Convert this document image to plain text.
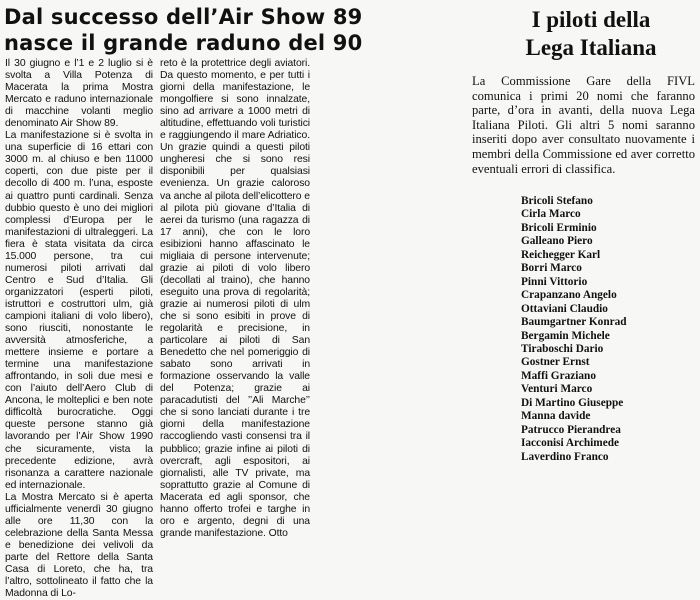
Dal successo dell’Air Show 89
nasce il grande raduno del 90
I piloti della
Lega Italiana

Il 30 giugno e l’1 e 2 luglio si è svolta a Villa Potenza di Macerata la prima Mostra Mercato e raduno internazionale di macchine volanti meglio denominato Air Show 89.

La manifestazione si è svolta in una superficie di 16 ettari con 3000 m. al chiuso e ben 11000 coperti, con due piste per il decollo di 400 m. l’una, esposte ai quattro punti cardinali. Senza dubbio questo è uno dei migliori complessi d’Europa per le manifestazioni di ultraleggeri. La fiera è stata visitata da circa 15.000 persone, tra cui numerosi piloti arrivati dal Centro e Sud d’Italia. Gli organizzatori (esperti piloti, istruttori e costruttori ulm, già campioni italiani di volo libero), sono riusciti, nonostante le avversità atmosferiche, a mettere insieme e portare a termine una manifestazione affrontando, in soli due mesi e con l’aiuto dell’Aero Club di Ancona, le molteplici e ben note difficoltà burocratiche. Oggi queste persone stanno già lavorando per l’Air Show 1990 che sicuramente, vista la precedente edizione, avrà risonanza a carattere nazionale ed internazionale.

La Mostra Mercato si è aperta ufficialmente venerdì 30 giugno alle ore 11,30 con la celebrazione della Santa Messa e benedizione dei velivoli da parte del Rettore della Santa Casa di Loreto, che ha, tra l’altro, sottolineato il fatto che la Madonna di Lo-

reto è la protettrice degli aviatori. Da questo momento, e per tutti i giorni della manifestazione, le mongolfiere si sono innalzate, sino ad arrivare a 1000 metri di altitudine, effettuando voli turistici e raggiungendo il mare Adriatico. Un grazie quindi a questi piloti ungheresi che si sono resi disponibili per qualsiasi evenienza. Un grazie caloroso va anche al pilota dell’elicottero e al pilota più giovane d’Italia di aerei da turismo (una ragazza di 17 anni), che con le loro esibizioni hanno affascinato le migliaia di persone intervenute; grazie ai piloti di volo libero (decollati al traino), che hanno eseguito una prova di regolarità; grazie ai numerosi piloti di ulm che si sono esibiti in prove di regolarità e precisione, in particolare ai piloti di San Benedetto che nel pomeriggio di sabato sono arrivati in formazione osservando la valle del Potenza; grazie ai paracadutisti del ’’Ali Marche’’ che si sono lanciati durante i tre giorni della manifestazione raccogliendo vasti consensi tra il pubblico; grazie infine ai piloti di overcraft, agli espositori, ai giornalisti, alle TV private, ma soprattutto grazie al Comune di Macerata ed agli sponsor, che hanno offerto trofei e targhe in oro e argento, degni di una grande manifestazione. Otto

La Commissione Gare della FIVL comunica i primi 20 nomi che faranno parte, d’ora in avanti, della nuova Lega Italiana Piloti. Gli altri 5 nomi saranno inseriti dopo aver consultato nuovamente i membri della Commissione ed aver corretto eventuali errori di classifica.
Bricoli Stefano
Cirla Marco
Bricoli Erminio
Galleano Piero
Reichegger Karl
Borri Marco
Pinni Vittorio
Crapanzano Angelo
Ottaviani Claudio
Baumgartner Konrad
Bergamin Michele
Tiraboschi Dario
Gostner Ernst
Maffi Graziano
Venturi Marco
Di Martino Giuseppe
Manna davide
Patrucco Pierandrea
Iacconisi Archimede
Laverdino Franco
